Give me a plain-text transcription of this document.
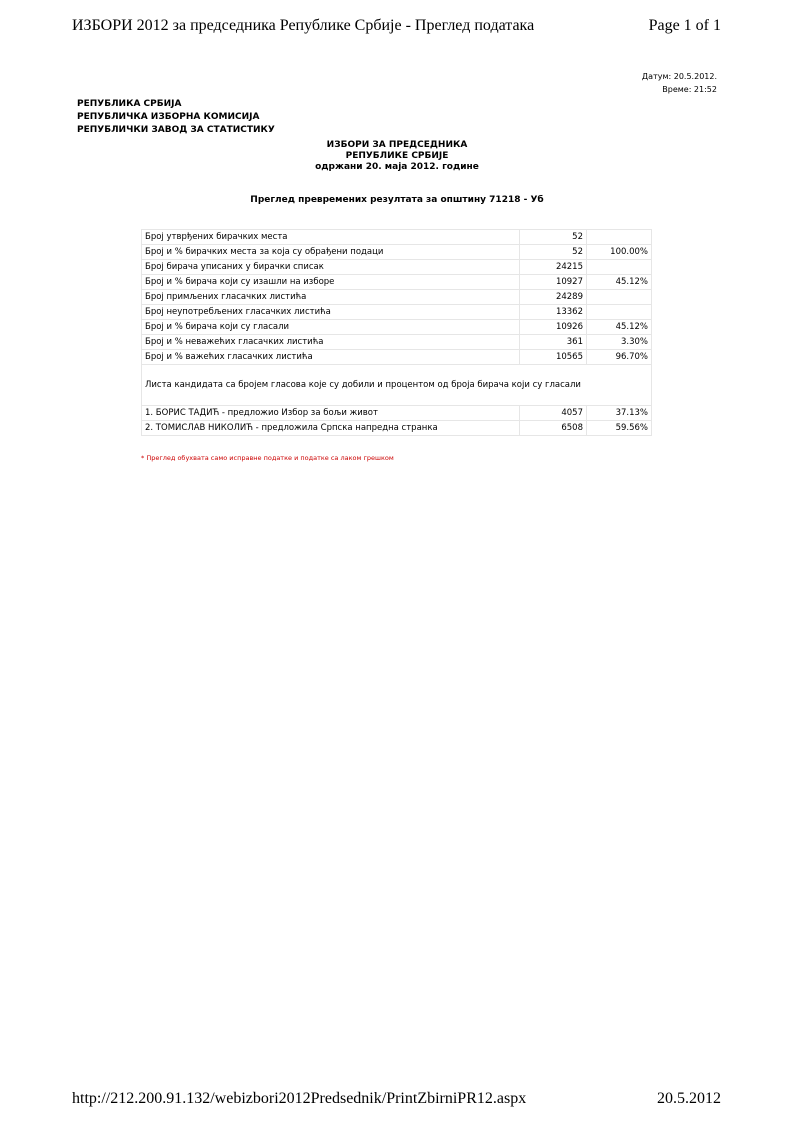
ИЗБОРИ 2012 за председника Републике Србије - Преглед података	Page 1 of 1
Датум: 20.5.2012.
Време: 21:52
РЕПУБЛИКА СРБИЈА
РЕПУБЛИЧКА ИЗБОРНА КОМИСИЈА
РЕПУБЛИЧКИ ЗАВОД ЗА СТАТИСТИКУ
ИЗБОРИ ЗА ПРЕДСЕДНИКА
РЕПУБЛИКЕ СРБИЈЕ
одржани 20. маја 2012. године
Преглед превремених резултата за општину 71218 - Уб
Број утврђених бирачких места	52	
Број и % бирачких места за која су обрађени подаци	52	100.00%
Број бирача уписаних у бирачки списак	24215	
Број и % бирача који су изашли на изборе	10927	45.12%
Број примљених гласачких листића	24289	
Број неупотребљених гласачких листића	13362	
Број и % бирача који су гласали	10926	45.12%
Број и % неважећих гласачких листића	361	3.30%
Број и % важећих гласачких листића	10565	96.70%
Листа кандидата са бројем гласова које су добили и процентом од броја бирача који су гласали		
1. БОРИС ТАДИЋ - предложио Избор за бољи живот	4057	37.13%
2. ТОМИСЛАВ НИКОЛИЋ - предложила Српска напредна странка	6508	59.56%
* Преглед обухвата само исправне податке и податке са лаком грешком
http://212.200.91.132/webizbori2012Predsednik/PrintZbirniPR12.aspx	20.5.2012
